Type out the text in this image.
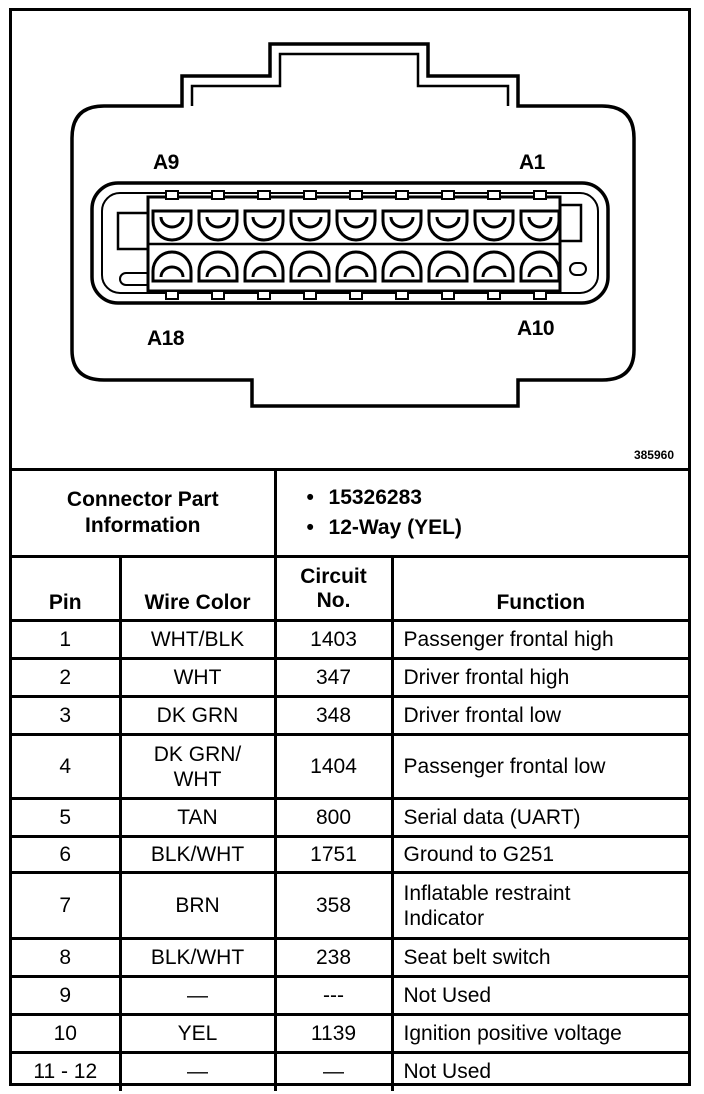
A9	A1
A18	A10
385960
Connector Part Information		• 15326283
• 12-Way (YEL)	

Pin	Wire Color	Circuit No.	Function
1	WHT/BLK	1403	Passenger frontal high
2	WHT	347	Driver frontal high
3	DK GRN	348	Driver frontal low
4	DK GRN/ WHT	1404	Passenger frontal low
5	TAN	800	Serial data (UART)
6	BLK/WHT	1751	Ground to G251
7	BRN	358	Inflatable restraint Indicator
8	BLK/WHT	238	Seat belt switch
9	—	---	Not Used
10	YEL	1139	Ignition positive voltage
11 - 12	—	—	Not Used
